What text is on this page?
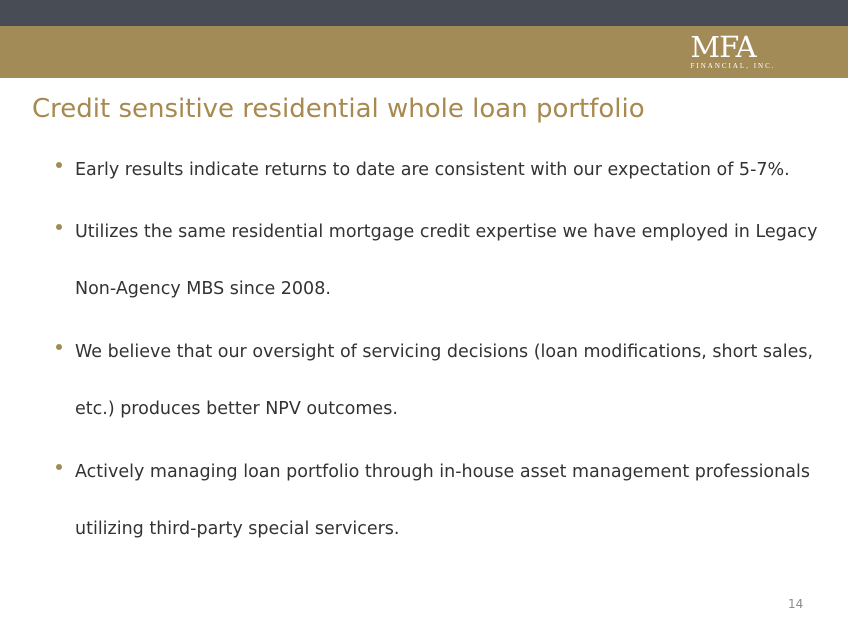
MFA
FINANCIAL, INC.
Credit sensitive residential whole loan portfolio
Early results indicate returns to date are consistent with our expectation of 5-7%.
Utilizes the same residential mortgage credit expertise we have employed in Legacy Non-Agency MBS since 2008.
We believe that our oversight of servicing decisions (loan modifications, short sales, etc.) produces better NPV outcomes.
Actively managing loan portfolio through in-house asset management professionals utilizing third-party special servicers.
14
